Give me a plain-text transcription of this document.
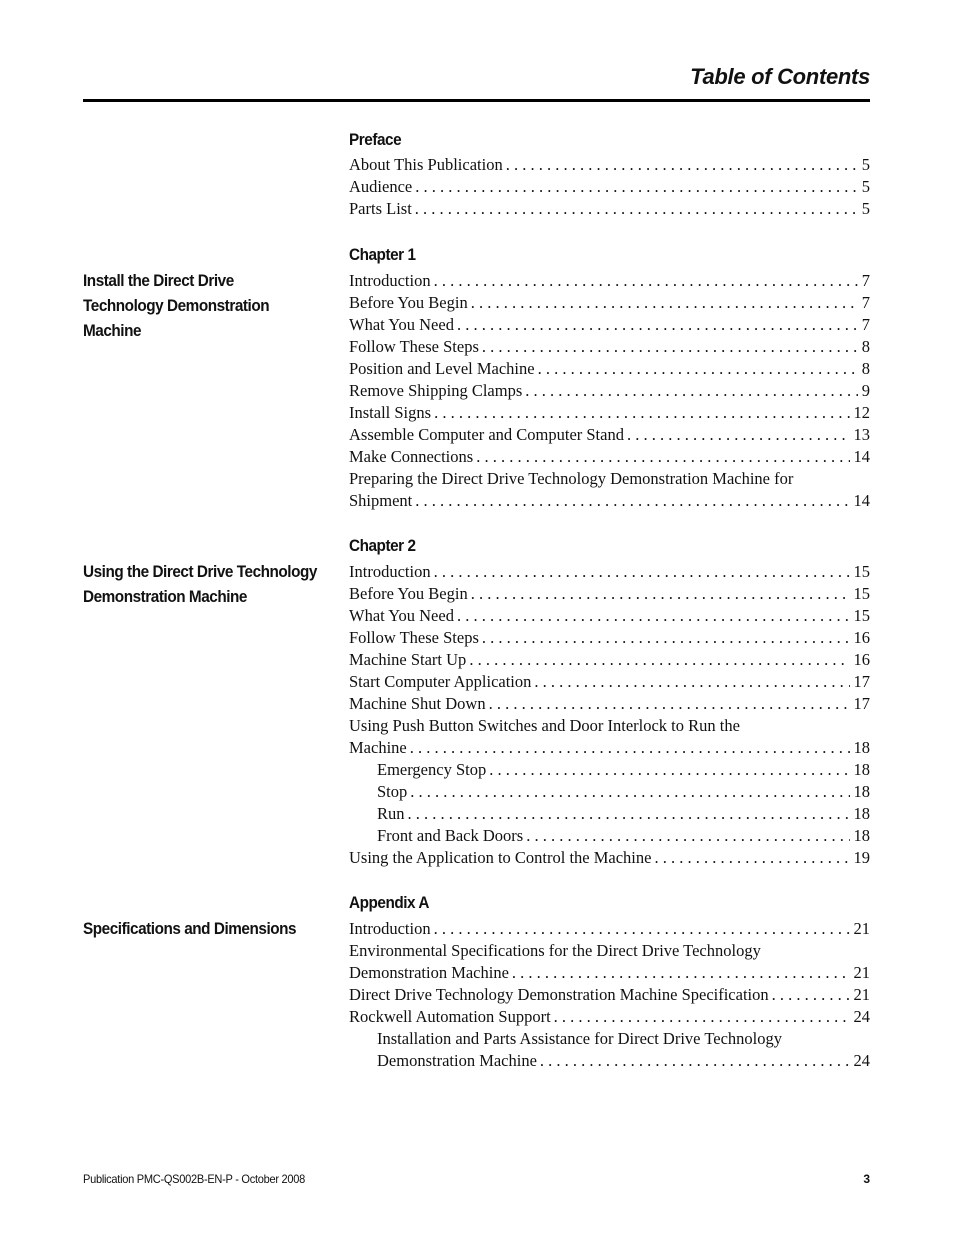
Table of Contents
Preface
About This Publication . . .	5
Audience . . .	5
Parts List . . .	5
Chapter 1
Install the Direct Drive
Technology Demonstration
Machine
Introduction . . .	7
Before You Begin . . .	7
What You Need . . .	7
Follow These Steps . . .	8
Position and Level Machine . . .	8
Remove Shipping Clamps . . .	9
Install Signs . . .	12
Assemble Computer and Computer Stand . . .	13
Make Connections . . .	14
Preparing the Direct Drive Technology Demonstration Machine for
Shipment . . .	14
Chapter 2
Using the Direct Drive Technology
Demonstration Machine
Introduction . . .	15
Before You Begin . . .	15
What You Need . . .	15
Follow These Steps . . .	16
Machine Start Up . . .	16
Start Computer Application . . .	17
Machine Shut Down . . .	17
Using Push Button Switches and Door Interlock to Run the
Machine . . .	18
Emergency Stop . . .	18
Stop . . .	18
Run . . .	18
Front and Back Doors . . .	18
Using the Application to Control the Machine . . .	19
Appendix A
Specifications and Dimensions	Introduction . . .	21
Environmental Specifications for the Direct Drive Technology
Demonstration Machine . . .	21
Direct Drive Technology Demonstration Machine Specification . . .	21
Rockwell Automation Support . . .	24
Installation and Parts Assistance for Direct Drive Technology
Demonstration Machine . . .	24
Publication PMC-QS002B-EN-P - October 2008	3
